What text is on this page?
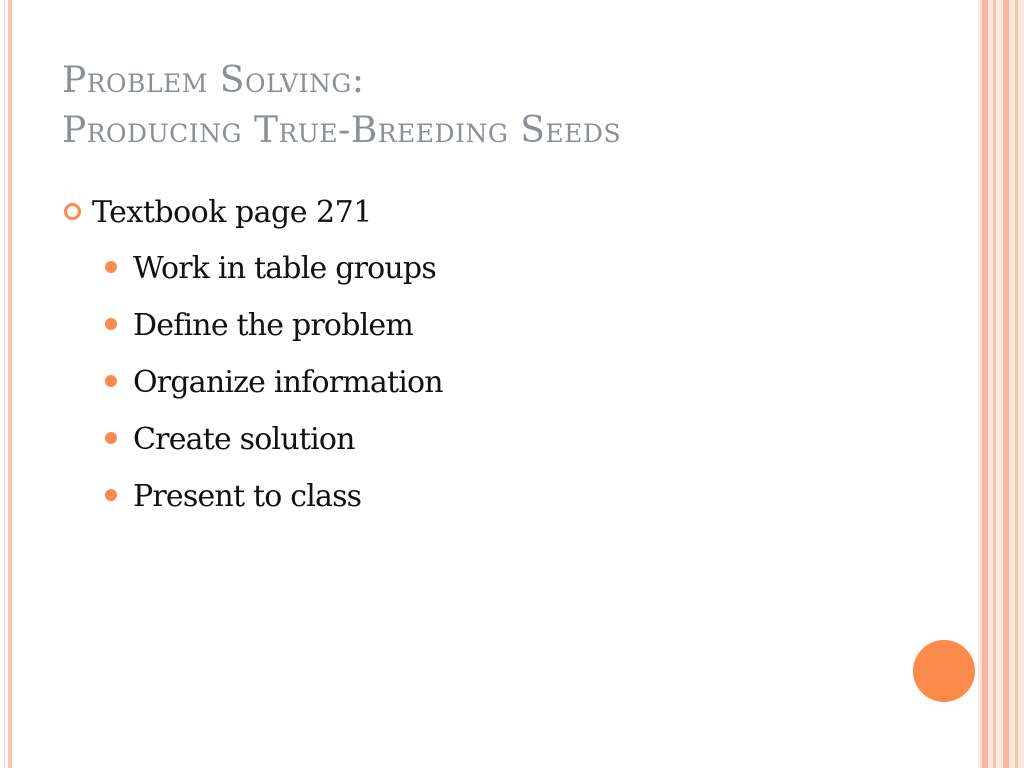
Problem Solving:
Producing True-Breeding Seeds
Textbook page 271
Work in table groups
Define the problem
Organize information
Create solution
Present to class
